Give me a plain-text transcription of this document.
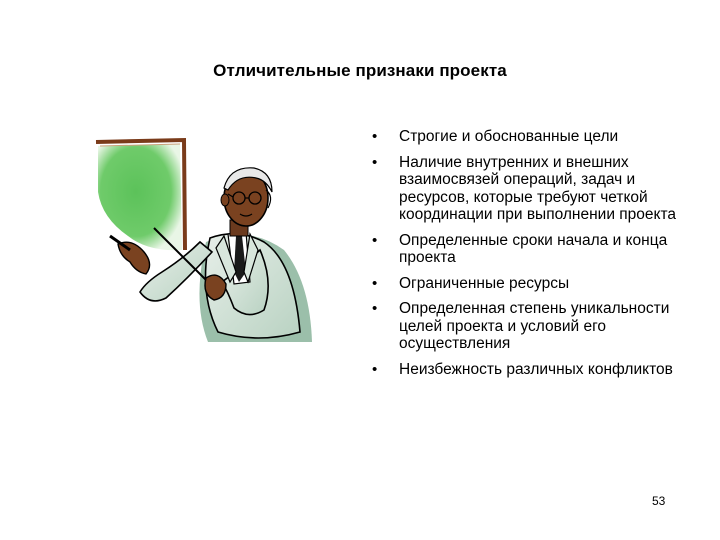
Отличительные признаки проекта
• Строгие и обоснованные цели
• Наличие внутренних и внешних взаимосвязей операций, задач и ресурсов, которые требуют четкой координации при выполнении проекта
• Определенные сроки начала и конца проекта
• Ограниченные ресурсы
• Определенная степень уникальности целей проекта и условий его осуществления
• Неизбежность различных конфликтов
53
